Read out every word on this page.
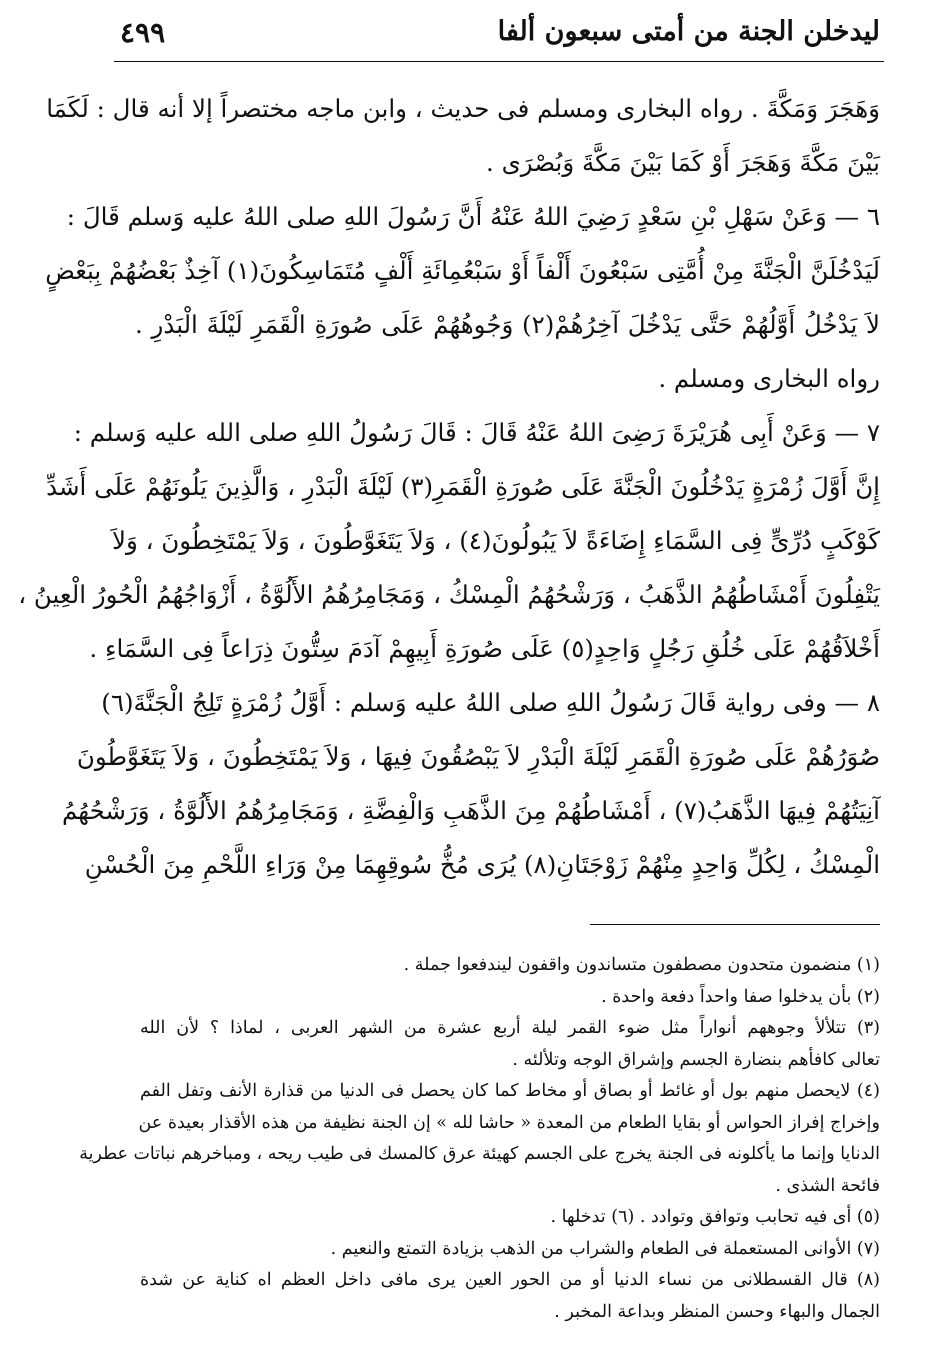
ليدخلن الجنة من أمتى سبعون ألفا
٤٩٩
وَهَجَرَ وَمَكَّةَ . رواه البخارى ومسلم فى حديث ، وابن ماجه مختصراً إلا أنه قال : لَكَمَا
بَيْنَ مَكَّةَ وَهَجَرَ أَوْ كَمَا بَيْنَ مَكَّةَ وَبُصْرَى .
٦ — وَعَنْ سَهْلِ بْنِ سَعْدٍ رَضِيَ اللهُ عَنْهُ أَنَّ رَسُولَ اللهِ صلى اللهُ عليه وَسلم قَالَ :
لَيَدْخُلَنَّ الْجَنَّةَ مِنْ أُمَّتِى سَبْعُونَ أَلْفاً أَوْ سَبْعُمِائَةِ أَلْفٍ مُتَمَاسِكُونَ(١) آخِذٌ بَعْضُهُمْ بِبَعْضٍ
لاَ يَدْخُلُ أَوَّلُهُمْ حَتَّى يَدْخُلَ آخِرُهُمْ(٢) وَجُوهُهُمْ عَلَى صُورَةِ الْقَمَرِ لَيْلَةَ الْبَدْرِ .
رواه البخارى ومسلم .
٧ — وَعَنْ أَبِى هُرَيْرَةَ رَضِىَ اللهُ عَنْهُ قَالَ : قَالَ رَسُولُ اللهِ صلى الله عليه وَسلم :
إِنَّ أَوَّلَ زُمْرَةٍ يَدْخُلُونَ الْجَنَّةَ عَلَى صُورَةِ الْقَمَرِ(٣) لَيْلَةَ الْبَدْرِ ، وَالَّذِينَ يَلُونَهُمْ عَلَى أَشَدِّ
كَوْكَبٍ دُرِّىٍّ فِى السَّمَاءِ إِضَاءَةً لاَ يَبُولُونَ(٤) ، وَلاَ يَتَغَوَّطُونَ ، وَلاَ يَمْتَخِطُونَ ، وَلاَ
يَتْفِلُونَ أَمْشَاطُهُمُ الذَّهَبُ ، وَرَشْحُهُمُ الْمِسْكُ ، وَمَجَامِرُهُمُ الأَلُوَّةُ ، أَزْوَاجُهُمُ الْحُورُ الْعِينُ ،
أَخْلاَقُهُمْ عَلَى خُلُقِ رَجُلٍ وَاحِدٍ(٥) عَلَى صُورَةِ أَبِيهِمْ آدَمَ سِتُّونَ ذِرَاعاً فِى السَّمَاءِ .
٨ — وفى رواية قَالَ رَسُولُ اللهِ صلى اللهُ عليه وَسلم : أَوَّلُ زُمْرَةٍ تَلِجُ الْجَنَّةَ(٦)
صُوَرُهُمْ عَلَى صُورَةِ الْقَمَرِ لَيْلَةَ الْبَدْرِ لاَ يَبْصُقُونَ فِيهَا ، وَلاَ يَمْتَخِطُونَ ، وَلاَ يَتَغَوَّطُونَ
آنِيَتُهُمْ فِيهَا الذَّهَبُ(٧) ، أَمْشَاطُهُمْ مِنَ الذَّهَبِ وَالْفِضَّةِ ، وَمَجَامِرُهُمُ الأَلُوَّةُ ، وَرَشْحُهُمُ
الْمِسْكُ ، لِكُلِّ وَاحِدٍ مِنْهُمْ زَوْجَتَانِ(٨) يُرَى مُخُّ سُوقِهِمَا مِنْ وَرَاءِ اللَّحْمِ مِنَ الْحُسْنِ
(١) منضمون متحدون مصطفون متساندون واقفون ليندفعوا جملة .
(٢) بأن يدخلوا صفا واحداً دفعة واحدة .
(٣) تتلألأ وجوههم أنواراً مثل ضوء القمر ليلة أربع عشرة من الشهر العربى ، لماذا ؟ لأن الله
تعالى كافأهم بنضارة الجسم وإشراق الوجه وتلألئه .
(٤) لايحصل منهم بول أو غائط أو بصاق أو مخاط كما كان يحصل فى الدنيا من قذارة الأنف وتفل الفم
وإخراج إفراز الحواس أو بقايا الطعام من المعدة « حاشا لله » إن الجنة نظيفة من هذه الأقذار بعيدة عن
الدنايا وإنما ما يأكلونه فى الجنة يخرج على الجسم كهيئة عرق كالمسك فى طيب ريحه ، ومباخرهم نباتات عطرية
فائحة الشذى .
(٥) أى فيه تحابب وتوافق وتوادد . (٦) تدخلها .
(٧) الأوانى المستعملة فى الطعام والشراب من الذهب بزيادة التمتع والنعيم .
(٨) قال القسطلانى من نساء الدنيا أو من الحور العين يرى مافى داخل العظم اه كناية عن شدة
الجمال والبهاء وحسن المنظر وبداعة المخبر .
